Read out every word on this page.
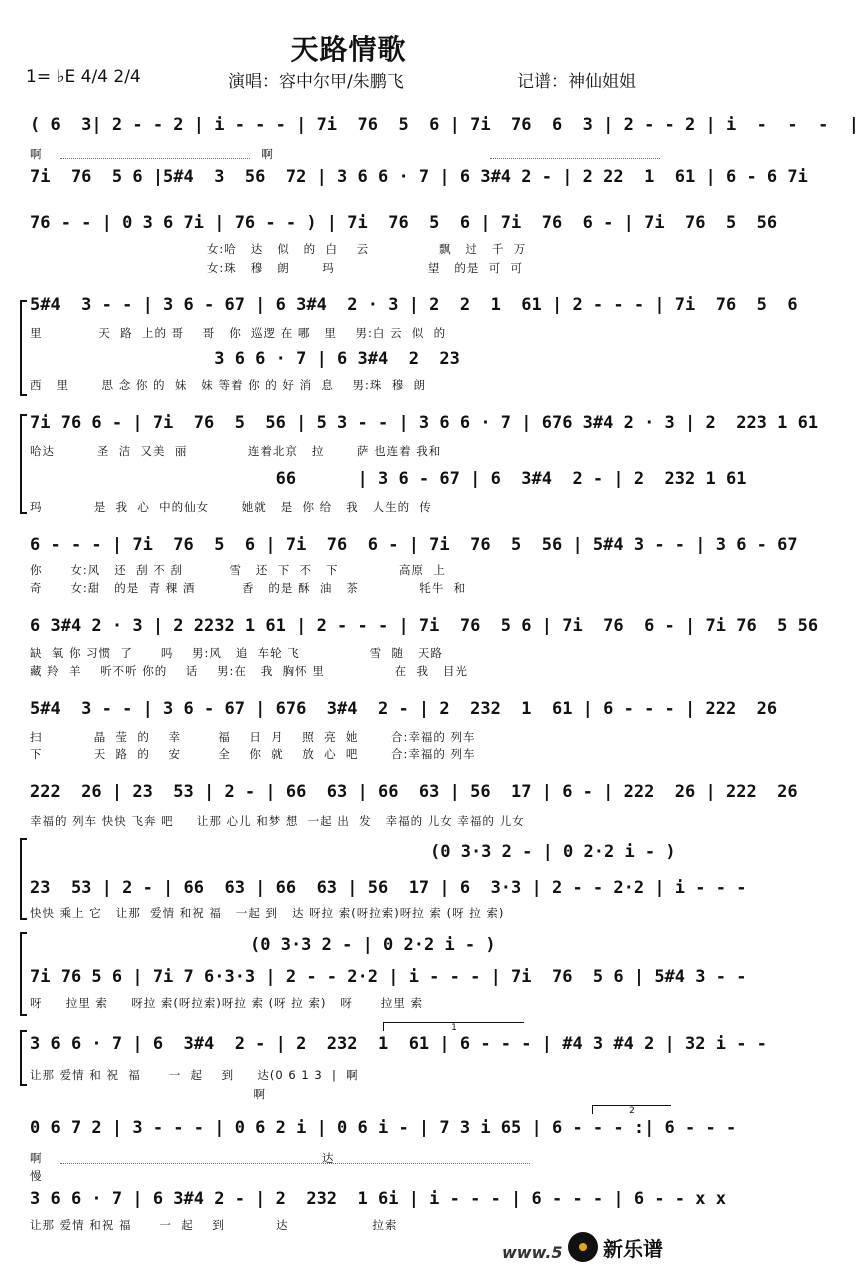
天路情歌
1= ♭E 4/4 2/4	演唱：容中尔甲/朱鹏飞	记谱：神仙姐姐
( 6  3| 2 - - 2 | i - - - | 7i  76  5  6 | 7i  76  6  3 | 2 - - 2 | i  -  -  -  |
啊                                               啊
7i  76  5 6 |5#4  3  56  72 | 3 6 6 · 7 | 6 3#4 2 - | 2 22  1  61 | 6 - 6 7i
76 - - | 0 3 6 7i | 76 - - ) | 7i  76  5  6 | 7i  76  6 - | 7i  76  5  56
女:哈   达   似   的  白    云               飘   过   千  万
女:珠   穆   朗       玛                    望   的是  可  可
5#4  3 - - | 3 6 - 67 | 6 3#4  2 · 3 | 2  2  1  61 | 2 - - - | 7i  76  5  6
里            天  路  上的 哥    哥   你  巡逻 在 哪   里    男:白 云  似  的
3 6 6 · 7 | 6 3#4  2  23
西   里       思 念 你 的  妹   妹 等着 你 的 好 消  息    男:珠  穆  朗
7i 76 6 - | 7i  76  5  56 | 5 3 - - | 3 6 6 · 7 | 676 3#4 2 · 3 | 2  223 1 61
哈达         圣  洁  又美  丽             连着北京   拉       萨 也连着 我和
66      | 3 6 - 67 | 6  3#4  2 - | 2  232 1 61
玛           是  我  心  中的仙女       她就   是  你 给   我   人生的  传
6 - - - | 7i  76  5  6 | 7i  76  6 - | 7i  76  5  56 | 5#4 3 - - | 3 6 - 67
你      女:风   还  刮 不 刮          雪   还  下  不   下             高原  上
奇      女:甜   的是  青 稞 酒          香   的是 酥  油   茶             牦牛  和
6 3#4 2 · 3 | 2 2232 1 61 | 2 - - - | 7i  76  5 6 | 7i  76  6 - | 7i 76  5 56
缺  氧 你 习惯  了      吗    男:风   追  车轮 飞               雪  随   天路
藏 羚  羊    听不听 你的    话    男:在   我  胸怀 里               在  我   目光
5#4  3 - - | 3 6 - 67 | 676  3#4  2 - | 2  232  1  61 | 6 - - - | 222  26
扫           晶  莹  的    幸        福    日  月    照  亮  她       合:幸福的 列车
下           天  路  的    安        全    你  就    放  心  吧       合:幸福的 列车
222  26 | 23  53 | 2 - | 66  63 | 66  63 | 56  17 | 6 - | 222  26 | 222  26
幸福的 列车 快快 飞奔 吧     让那 心儿 和梦 想  一起 出  发   幸福的 儿女 幸福的 儿女
(0 3·3 2 - | 0 2·2 i - )
23  53 | 2 - | 66  63 | 66  63 | 56  17 | 6  3·3 | 2 - - 2·2 | i - - -
快快 乘上 它   让那  爱情 和祝 福   一起 到   达 呀拉 索(呀拉索)呀拉 索 (呀 拉 索)
(0 3·3 2 - | 0 2·2 i - )
7i 76 5 6 | 7i 7 6·3·3 | 2 - - 2·2 | i - - - | 7i  76  5 6 | 5#4 3 - -
呀     拉里 索     呀拉 索(呀拉索)呀拉 索 (呀 拉 索)   呀      拉里 索
1
3 6 6 · 7 | 6  3#4  2 - | 2  232  1  61 | 6 - - - | #4 3 #4 2 | 32 i - -
让那 爱情 和 祝  福      一  起    到     达(0 6 1 3  |  啊
啊
2
0 6 7 2 | 3 - - - | 0 6 2 i | 0 6 i - | 7 3 i 65 | 6 - - - :| 6 - - -
啊                                                            达
慢
3 6 6 · 7 | 6 3#4 2 - | 2  232  1 6i | i - - - | 6 - - - | 6 - - x x
让那 爱情 和祝 福      一  起    到           达                  拉索
www.5 新乐谱
